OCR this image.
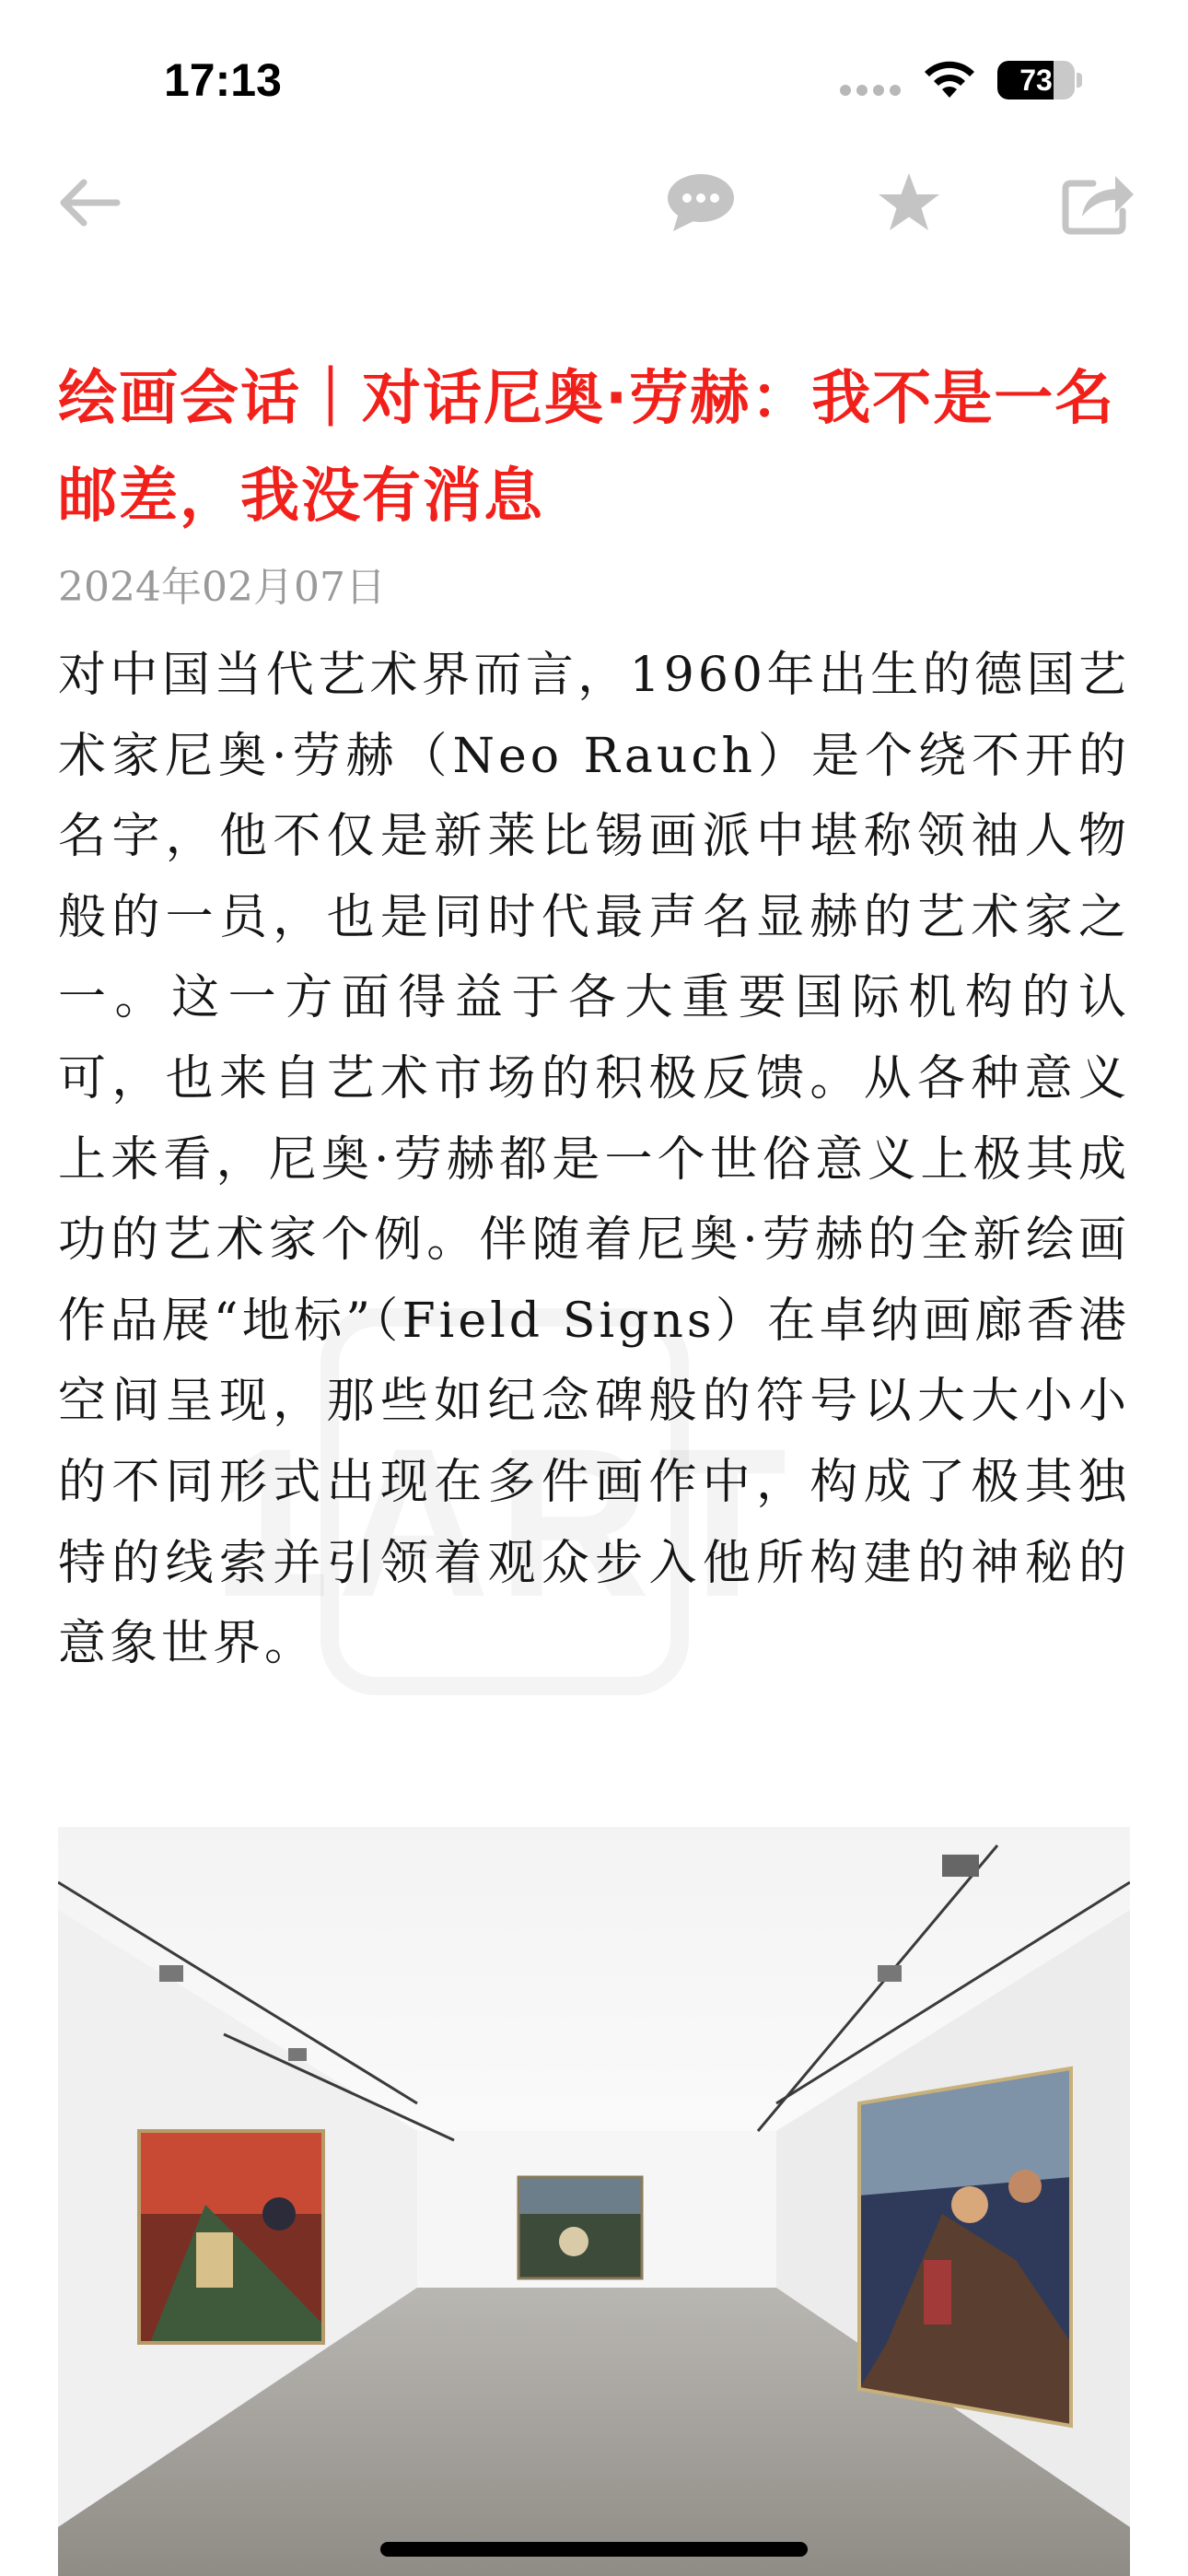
17:13	73
绘画会话｜对话尼奥·劳赫：我不是一名邮差，我没有消息
2024年02月07日
对中国当代艺术界而言，1960年出生的德国艺术家尼奥·劳赫（Neo Rauch）是个绕不开的名字，他不仅是新莱比锡画派中堪称领袖人物般的一员，也是同时代最声名显赫的艺术家之一。这一方面得益于各大重要国际机构的认可，也来自艺术市场的积极反馈。从各种意义上来看，尼奥·劳赫都是一个世俗意义上极其成功的艺术家个例。伴随着尼奥·劳赫的全新绘画作品展“地标”（Field Signs）在卓纳画廊香港空间呈现，那些如纪念碑般的符号以大大小小的不同形式出现在多件画作中，构成了极其独特的线索并引领着观众步入他所构建的神秘的意象世界。
